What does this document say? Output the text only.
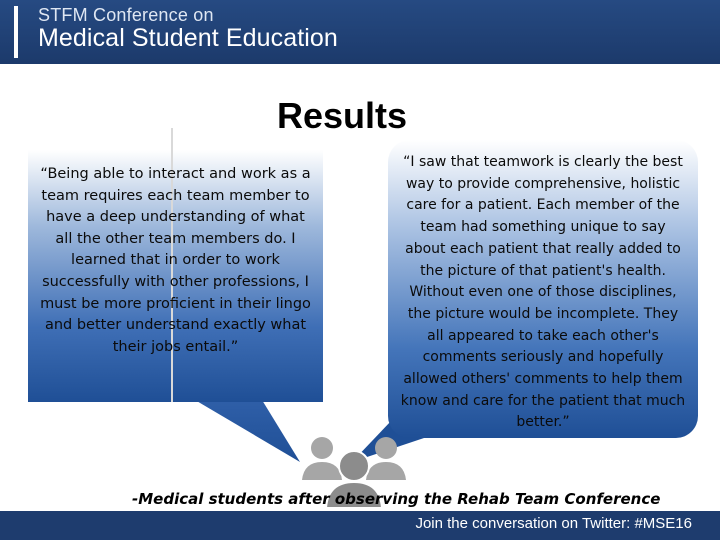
STFM Conference on
Medical Student Education
Results

“Being able to interact and work as a team requires each team member to have a deep understanding of what all the other team members do. I learned that in order to work successfully with other professions, I must be more proficient in their lingo and better understand exactly what their jobs entail.”

“I saw that teamwork is clearly the best way to provide comprehensive, holistic care for a patient. Each member of the team had something unique to say about each patient that really added to the picture of that patient's health. Without even one of those disciplines, the picture would be incomplete. They all appeared to take each other's comments seriously and hopefully allowed others' comments to help them know and care for the patient that much better.”

-Medical students after observing the Rehab Team Conference
Join the conversation on Twitter: #MSE16
